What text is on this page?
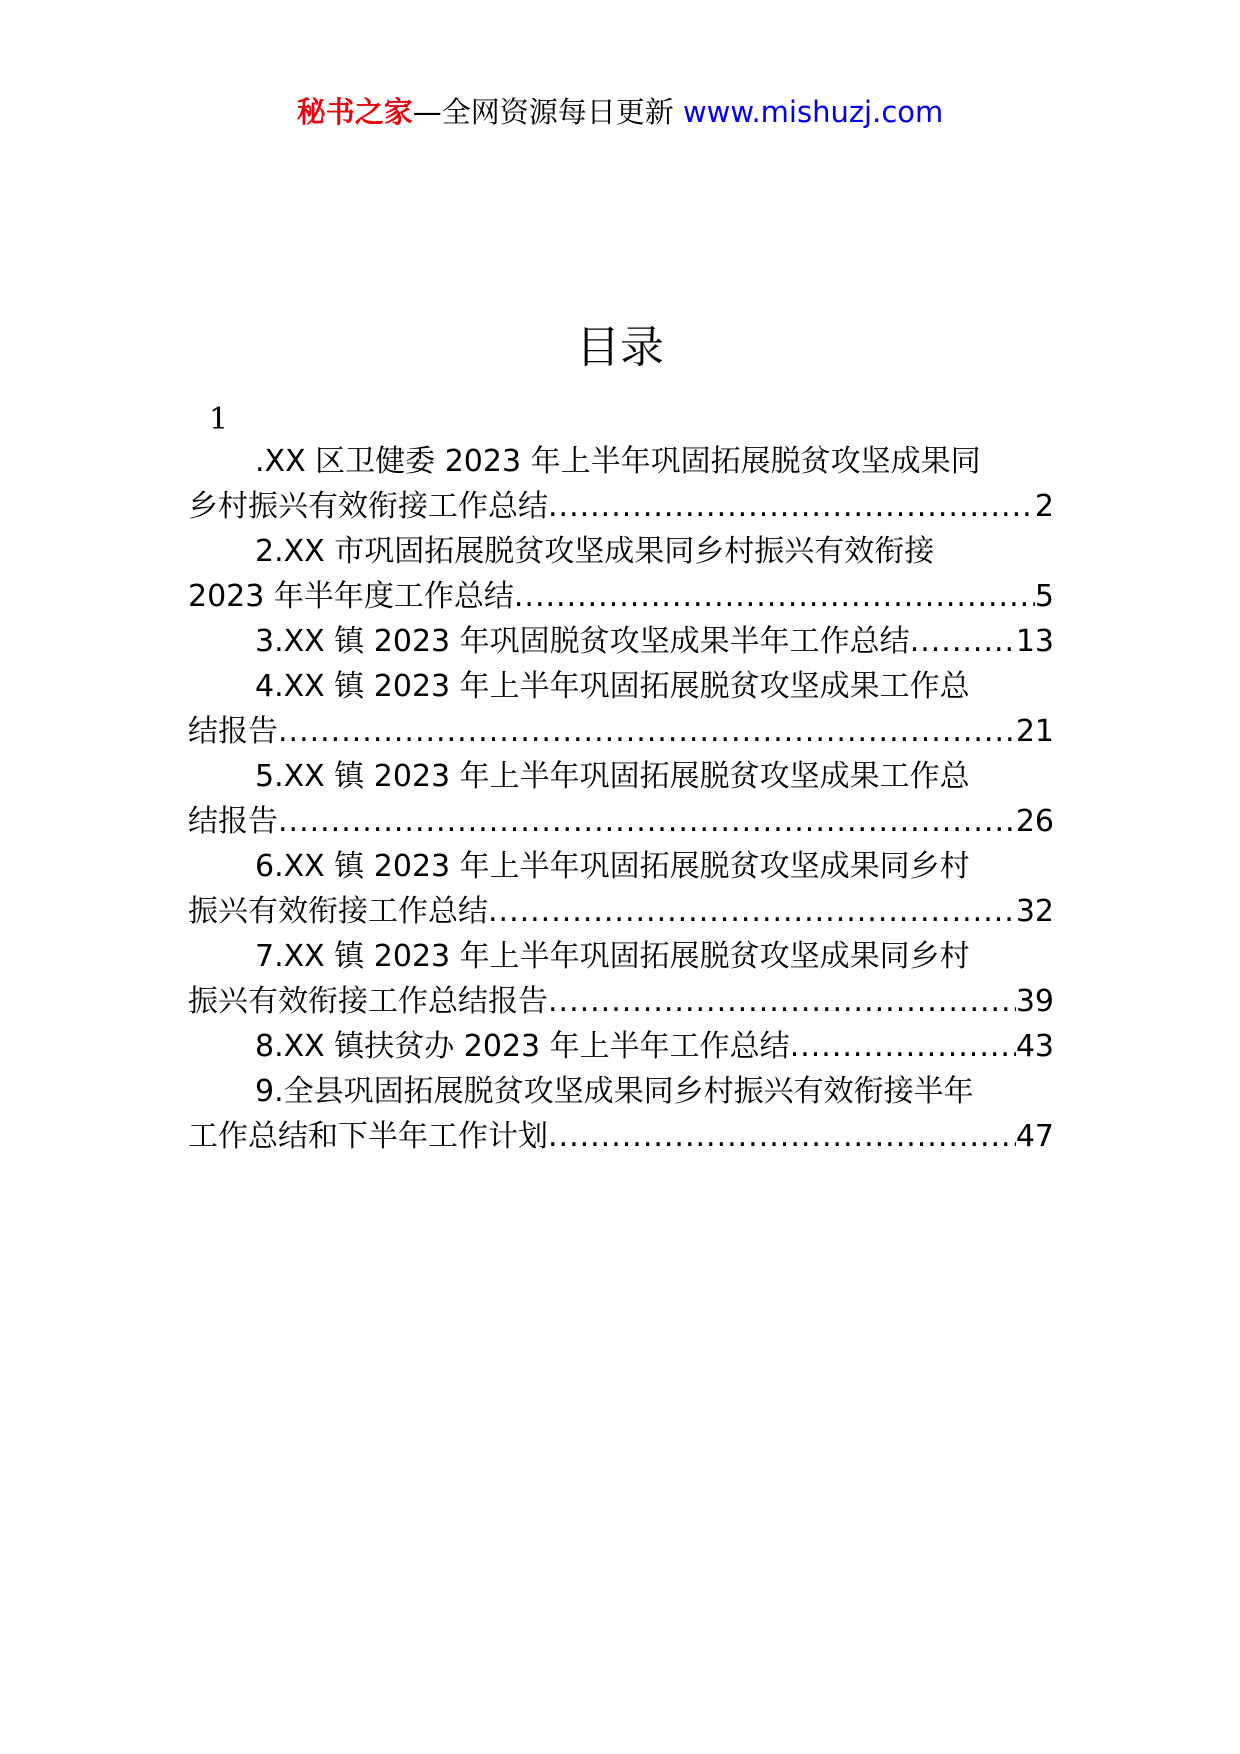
秘书之家—全网资源每日更新 www.mishuzj.com
目录
1
.XX 区卫健委 2023 年上半年巩固拓展脱贫攻坚成果同
乡村振兴有效衔接工作总结 .....	2
2.XX 市巩固拓展脱贫攻坚成果同乡村振兴有效衔接
2023 年半年度工作总结 .....	5
3.XX 镇 2023 年巩固脱贫攻坚成果半年工作总结 .....	13
4.XX 镇 2023 年上半年巩固拓展脱贫攻坚成果工作总
结报告 .....	21
5.XX 镇 2023 年上半年巩固拓展脱贫攻坚成果工作总
结报告 .....	26
6.XX 镇 2023 年上半年巩固拓展脱贫攻坚成果同乡村
振兴有效衔接工作总结 .....	32
7.XX 镇 2023 年上半年巩固拓展脱贫攻坚成果同乡村
振兴有效衔接工作总结报告 .....	39
8.XX 镇扶贫办 2023 年上半年工作总结 .....	43
9.全县巩固拓展脱贫攻坚成果同乡村振兴有效衔接半年
工作总结和下半年工作计划 .....	47
